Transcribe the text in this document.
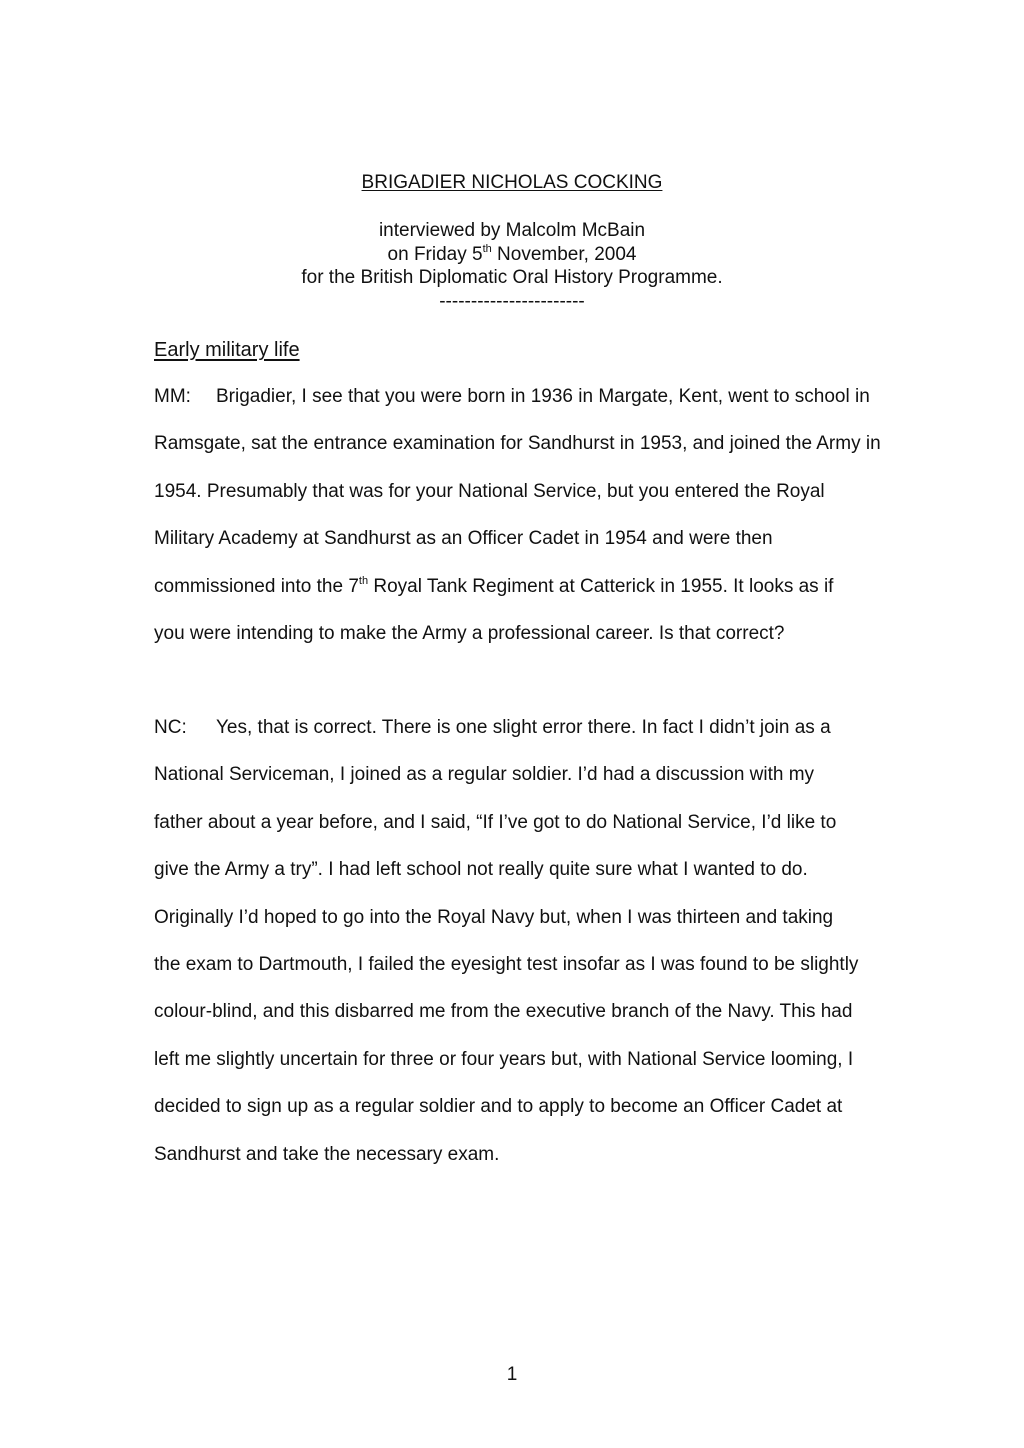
BRIGADIER NICHOLAS COCKING
interviewed by Malcolm McBain
on Friday 5th November, 2004
for the British Diplomatic Oral History Programme.
-----------------------
Early military life
MM: Brigadier, I see that you were born in 1936 in Margate, Kent, went to school in
Ramsgate, sat the entrance examination for Sandhurst in 1953, and joined the Army in
1954. Presumably that was for your National Service, but you entered the Royal
Military Academy at Sandhurst as an Officer Cadet in 1954 and were then
commissioned into the 7th Royal Tank Regiment at Catterick in 1955. It looks as if
you were intending to make the Army a professional career. Is that correct?
NC: Yes, that is correct. There is one slight error there. In fact I didn’t join as a
National Serviceman, I joined as a regular soldier. I’d had a discussion with my
father about a year before, and I said, “If I’ve got to do National Service, I’d like to
give the Army a try”. I had left school not really quite sure what I wanted to do.
Originally I’d hoped to go into the Royal Navy but, when I was thirteen and taking
the exam to Dartmouth, I failed the eyesight test insofar as I was found to be slightly
colour-blind, and this disbarred me from the executive branch of the Navy. This had
left me slightly uncertain for three or four years but, with National Service looming, I
decided to sign up as a regular soldier and to apply to become an Officer Cadet at
Sandhurst and take the necessary exam.
1
